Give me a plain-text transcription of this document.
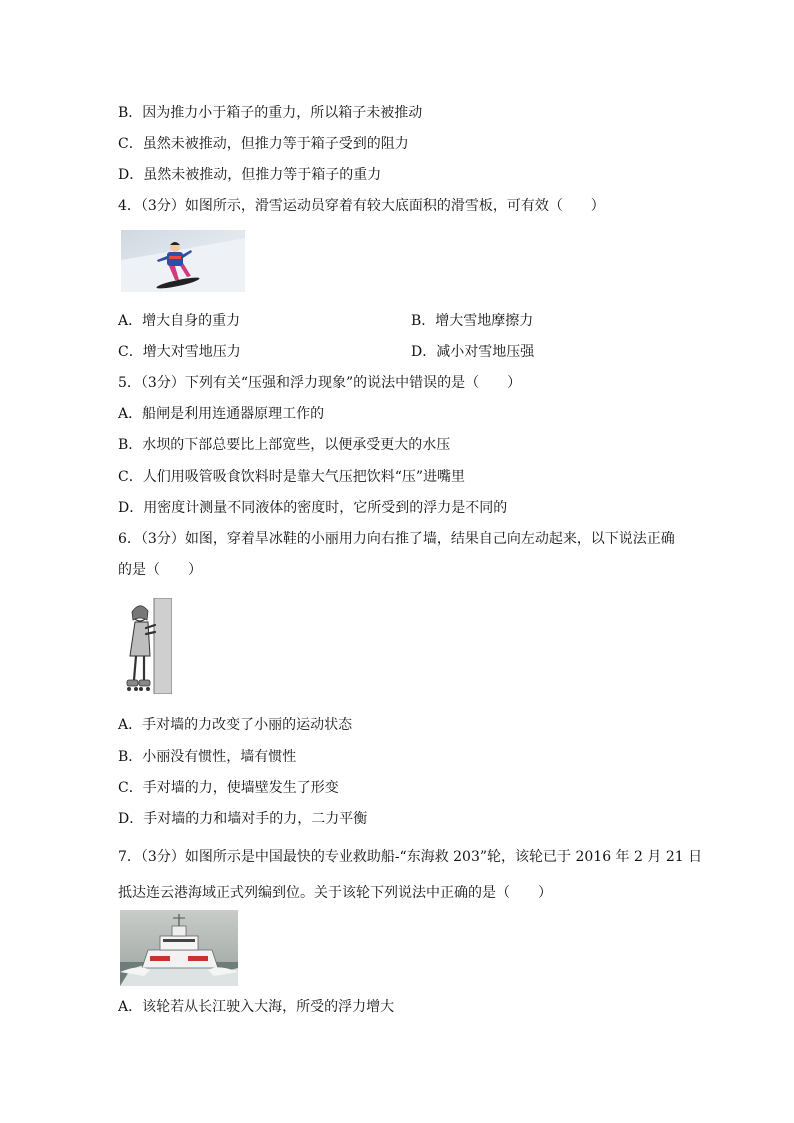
B．因为推力小于箱子的重力，所以箱子未被推动
C．虽然未被推动，但推力等于箱子受到的阻力
D．虽然未被推动，但推力等于箱子的重力
4．（3分）如图所示，滑雪运动员穿着有较大底面积的滑雪板，可有效（　　）
A．增大自身的重力	B．增大雪地摩擦力
C．增大对雪地压力	D．减小对雪地压强
5．（3分）下列有关“压强和浮力现象”的说法中错误的是（　　）
A．船闸是利用连通器原理工作的
B．水坝的下部总要比上部宽些，以便承受更大的水压
C．人们用吸管吸食饮料时是靠大气压把饮料“压”进嘴里
D．用密度计测量不同液体的密度时，它所受到的浮力是不同的
6．（3分）如图，穿着旱冰鞋的小丽用力向右推了墙，结果自己向左动起来，以下说法正确
的是（　　）
A．手对墙的力改变了小丽的运动状态
B．小丽没有惯性，墙有惯性
C．手对墙的力，使墙壁发生了形变
D．手对墙的力和墙对手的力，二力平衡
7．（3分）如图所示是中国最快的专业救助船-“东海救 203”轮，该轮已于 2016 年 2 月 21 日
抵达连云港海域正式列编到位。关于该轮下列说法中正确的是（　　）
A．该轮若从长江驶入大海，所受的浮力增大
